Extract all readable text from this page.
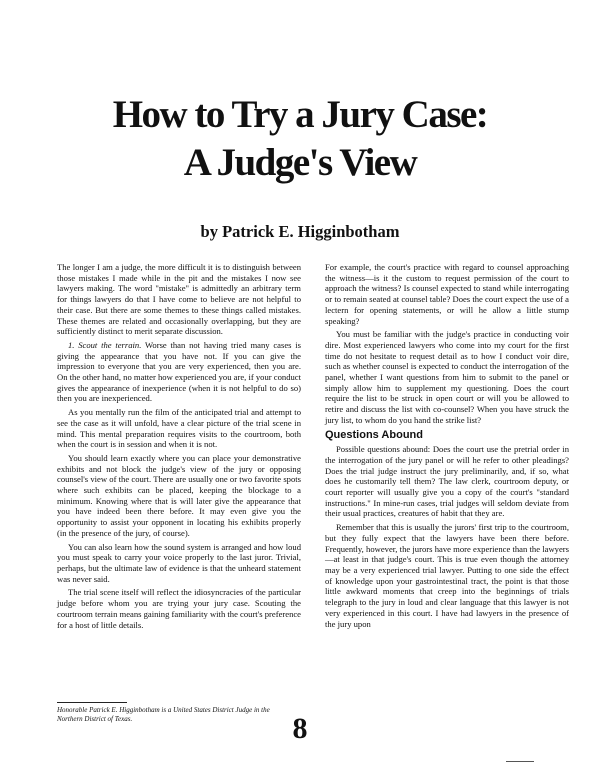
How to Try a Jury Case:
A Judge's View
by Patrick E. Higginbotham

The longer I am a judge, the more difficult it is to distinguish between those mistakes I made while in the pit and the mistakes I now see lawyers making. The word "mistake" is admittedly an arbitrary term for things lawyers do that I have come to believe are not helpful to their case. But there are some themes to these things called mistakes. These themes are related and occasionally overlapping, but they are sufficiently distinct to merit separate discussion.

1. Scout the terrain. Worse than not having tried many cases is giving the appearance that you have not. If you can give the impression to everyone that you are very experienced, then you are. On the other hand, no matter how experienced you are, if your conduct gives the appearance of inexperience (when it is not helpful to do so) then you are inexperienced.

As you mentally run the film of the anticipated trial and attempt to see the case as it will unfold, have a clear picture of the trial scene in mind. This mental preparation requires visits to the courtroom, both when the court is in session and when it is not.

You should learn exactly where you can place your demonstrative exhibits and not block the judge's view of the jury or opposing counsel's view of the court. There are usually one or two favorite spots where such exhibits can be placed, keeping the blockage to a minimum. Knowing where that is will later give the appearance that you have indeed been there before. It may even give you the opportunity to assist your opponent in locating his exhibits properly (in the presence of the jury, of course).

You can also learn how the sound system is arranged and how loud you must speak to carry your voice properly to the last juror. Trivial, perhaps, but the ultimate law of evidence is that the unheard statement was never said.

The trial scene itself will reflect the idiosyncracies of the particular judge before whom you are trying your jury case. Scouting the courtroom terrain means gaining familiarity with the court's preference for a host of little details.

For example, the court's practice with regard to counsel approaching the witness—is it the custom to request permission of the court to approach the witness? Is counsel expected to stand while interrogating or to remain seated at counsel table? Does the court expect the use of a lectern for opening statements, or will he allow a little stump speaking?

You must be familiar with the judge's practice in conducting voir dire. Most experienced lawyers who come into my court for the first time do not hesitate to request detail as to how I conduct voir dire, such as whether counsel is expected to conduct the interrogation of the panel, whether I want questions from him to submit to the panel or simply allow him to supplement my questioning. Does the court require the list to be struck in open court or will you be allowed to retire and discuss the list with co-counsel? When you have struck the jury list, to whom do you hand the strike list?

Questions Abound

Possible questions abound: Does the court use the pretrial order in the interrogation of the jury panel or will he refer to other pleadings? Does the trial judge instruct the jury preliminarily, and, if so, what does he customarily tell them? The law clerk, courtroom deputy, or court reporter will usually give you a copy of the court's "standard instructions." In mine-run cases, trial judges will seldom deviate from their usual practices, creatures of habit that they are.

Remember that this is usually the jurors' first trip to the courtroom, but they fully expect that the lawyers have been there before. Frequently, however, the jurors have more experience than the lawyers—at least in that judge's court. This is true even though the attorney may be a very experienced trial lawyer. Putting to one side the effect of knowledge upon your gastrointestinal tract, the point is that those little awkward moments that creep into the beginnings of trials telegraph to the jury in loud and clear language that this lawyer is not very experienced in this court. I have had lawyers in the presence of the jury upon

Honorable Patrick E. Higginbotham is a United States District Judge in the Northern District of Texas.	8
